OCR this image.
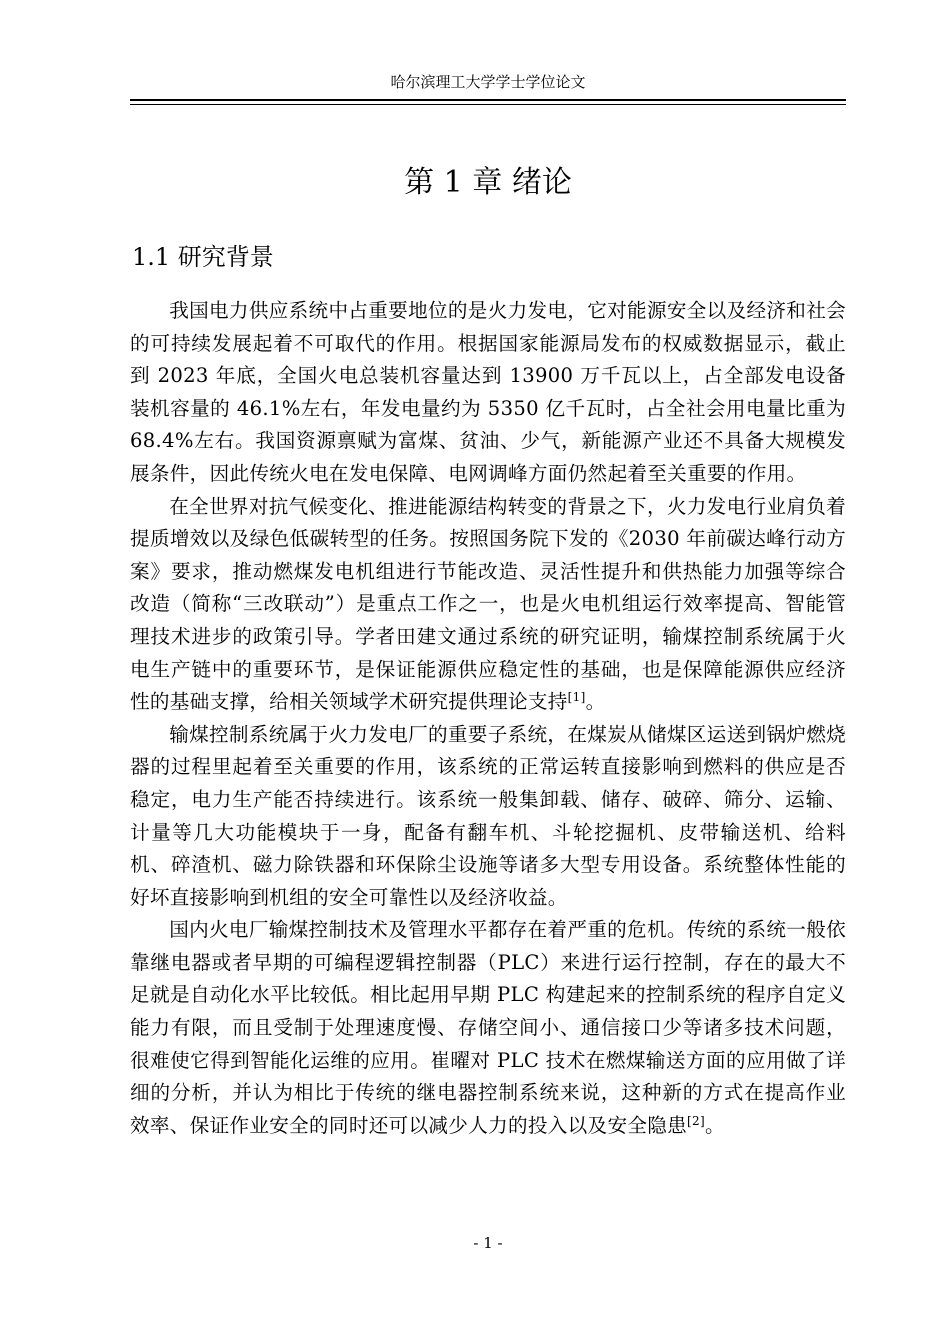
哈尔滨理工大学学士学位论文
第 1 章 绪论
1.1 研究背景

我国电力供应系统中占重要地位的是火力发电，它对能源安全以及经济和社会的可持续发展起着不可取代的作用。根据国家能源局发布的权威数据显示，截止到 2023 年底，全国火电总装机容量达到 13900 万千瓦以上，占全部发电设备装机容量的 46.1%左右，年发电量约为 5350 亿千瓦时，占全社会用电量比重为 68.4%左右。我国资源禀赋为富煤、贫油、少气，新能源产业还不具备大规模发展条件，因此传统火电在发电保障、电网调峰方面仍然起着至关重要的作用。

在全世界对抗气候变化、推进能源结构转变的背景之下，火力发电行业肩负着提质增效以及绿色低碳转型的任务。按照国务院下发的《2030 年前碳达峰行动方案》要求，推动燃煤发电机组进行节能改造、灵活性提升和供热能力加强等综合改造（简称“三改联动”）是重点工作之一，也是火电机组运行效率提高、智能管理技术进步的政策引导。学者田建文通过系统的研究证明，输煤控制系统属于火电生产链中的重要环节，是保证能源供应稳定性的基础，也是保障能源供应经济性的基础支撑，给相关领域学术研究提供理论支持[1]。

输煤控制系统属于火力发电厂的重要子系统，在煤炭从储煤区运送到锅炉燃烧器的过程里起着至关重要的作用，该系统的正常运转直接影响到燃料的供应是否稳定，电力生产能否持续进行。该系统一般集卸载、储存、破碎、筛分、运输、计量等几大功能模块于一身，配备有翻车机、斗轮挖掘机、皮带输送机、给料机、碎渣机、磁力除铁器和环保除尘设施等诸多大型专用设备。系统整体性能的好坏直接影响到机组的安全可靠性以及经济收益。

国内火电厂输煤控制技术及管理水平都存在着严重的危机。传统的系统一般依靠继电器或者早期的可编程逻辑控制器（PLC）来进行运行控制，存在的最大不足就是自动化水平比较低。相比起用早期 PLC 构建起来的控制系统的程序自定义能力有限，而且受制于处理速度慢、存储空间小、通信接口少等诸多技术问题，很难使它得到智能化运维的应用。崔曜对 PLC 技术在燃煤输送方面的应用做了详细的分析，并认为相比于传统的继电器控制系统来说，这种新的方式在提高作业效率、保证作业安全的同时还可以减少人力的投入以及安全隐患[2]。

- 1 -
